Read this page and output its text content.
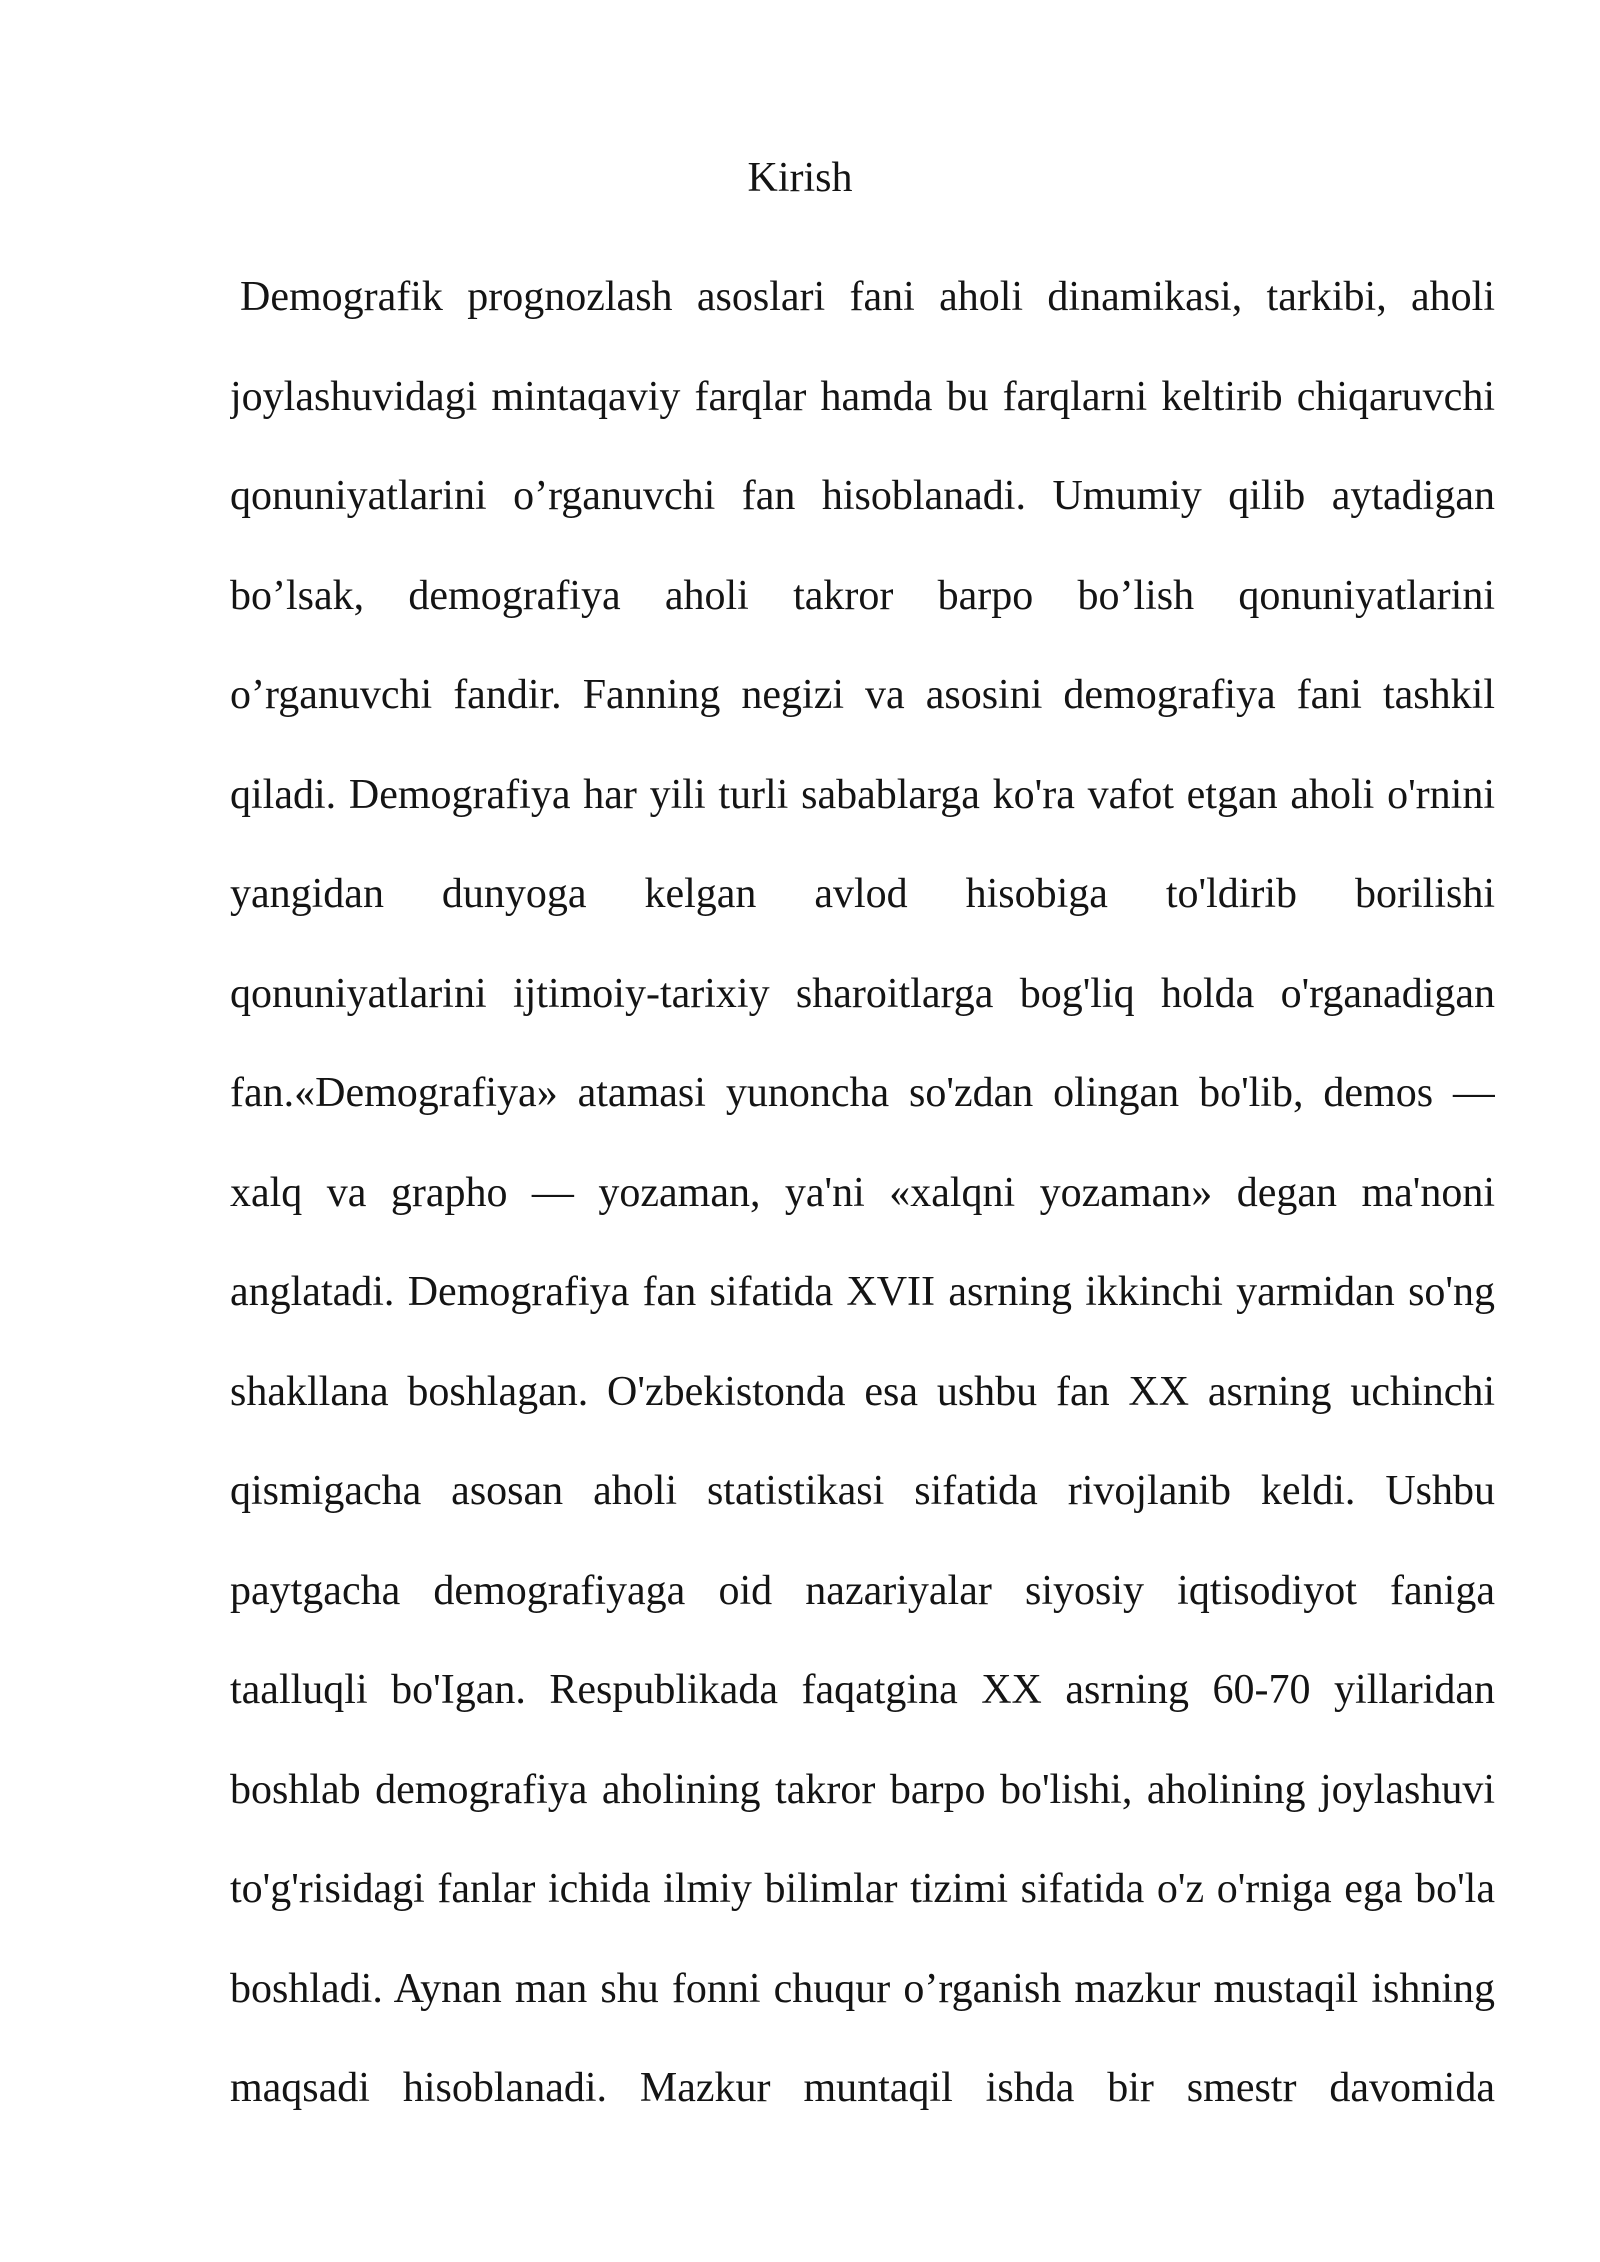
Kirish
Demografik prognozlash asoslari fani aholi dinamikasi, tarkibi, aholi
joylashuvidagi mintaqaviy farqlar hamda bu farqlarni keltirib chiqaruvchi
qonuniyatlarini o’rganuvchi fan hisoblanadi. Umumiy qilib aytadigan
bo’lsak, demografiya aholi takror barpo bo’lish qonuniyatlarini
o’rganuvchi fandir. Fanning negizi va asosini demografiya fani tashkil
qiladi. Demografiya har yili turli sabablarga ko'ra vafot etgan aholi o'rnini
yangidan dunyoga kelgan avlod hisobiga to'ldirib borilishi
qonuniyatlarini ijtimoiy-tarixiy sharoitlarga bog'liq holda o'rganadigan
fan.«Demografiya» atamasi yunoncha so'zdan olingan bo'lib, demos —
xalq va grapho — yozaman, ya'ni «xalqni yozaman» degan ma'noni
anglatadi. Demografiya fan sifatida XVII asrning ikkinchi yarmidan so'ng
shakllana boshlagan. O'zbekistonda esa ushbu fan XX asrning uchinchi
qismigacha asosan aholi statistikasi sifatida rivojlanib keldi. Ushbu
paytgacha demografiyaga oid nazariyalar siyosiy iqtisodiyot faniga
taalluqli bo'Igan. Respublikada faqatgina XX asrning 60-70 yillaridan
boshlab demografiya aholining takror barpo bo'lishi, aholining joylashuvi
to'g'risidagi fanlar ichida ilmiy bilimlar tizimi sifatida o'z o'rniga ega bo'la
boshladi. Aynan man shu fonni chuqur o’rganish mazkur mustaqil ishning
maqsadi hisoblanadi. Mazkur muntaqil ishda bir smestr davomida
